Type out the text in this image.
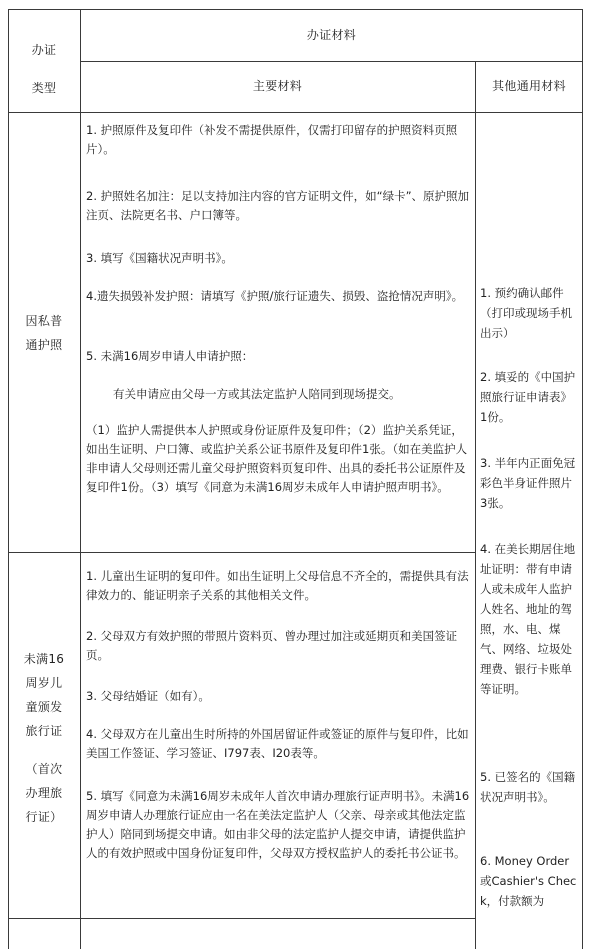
办证
类型
办证材料
主要材料	其他通用材料
因私普
通护照

1. 护照原件及复印件（补发不需提供原件，仅需打印留存的护照资料页照片）。

2. 护照姓名加注：足以支持加注内容的官方证明文件，如“绿卡”、原护照加注页、法院更名书、户口簿等。

3. 填写《国籍状况声明书》。

4.遗失损毁补发护照：请填写《护照/旅行证遗失、损毁、盗抢情况声明》。

5. 未满16周岁申请人申请护照：

有关申请应由父母一方或其法定监护人陪同到现场提交。

（1）监护人需提供本人护照或身份证原件及复印件；（2）监护关系凭证，如出生证明、户口簿、或监护关系公证书原件及复印件1张。（如在美监护人非申请人父母则还需儿童父母护照资料页复印件、出具的委托书公证原件及复印件1份。（3）填写《同意为未满16周岁未成年人申请护照声明书》。

未满16
周岁儿
童颁发
旅行证
（首次
办理旅
行证）

1. 儿童出生证明的复印件。如出生证明上父母信息不齐全的，需提供具有法律效力的、能证明亲子关系的其他相关文件。

2. 父母双方有效护照的带照片资料页、曾办理过加注或延期页和美国签证页。

3. 父母结婚证（如有）。

4. 父母双方在儿童出生时所持的外国居留证件或签证的原件与复印件，比如美国工作签证、学习签证、I797表、I20表等。

5. 填写《同意为未满16周岁未成年人首次申请办理旅行证声明书》。未满16周岁申请人办理旅行证应由一名在美法定监护人（父亲、母亲或其他法定监护人）陪同到场提交申请。如由非父母的法定监护人提交申请，请提供监护人的有效护照或中国身份证复印件，父母双方授权监护人的委托书公证书。

1. 预约确认邮件（打印或现场手机出示）

2. 填妥的《中国护照旅行证申请表》1份。

3. 半年内正面免冠彩色半身证件照片3张。

4. 在美长期居住地址证明：带有申请人或未成年人监护人姓名、地址的驾照，水、电、煤气、网络、垃圾处理费、银行卡账单等证明。

5. 已签名的《国籍状况声明书》。

6. Money Order或Cashier's Check，付款额为
